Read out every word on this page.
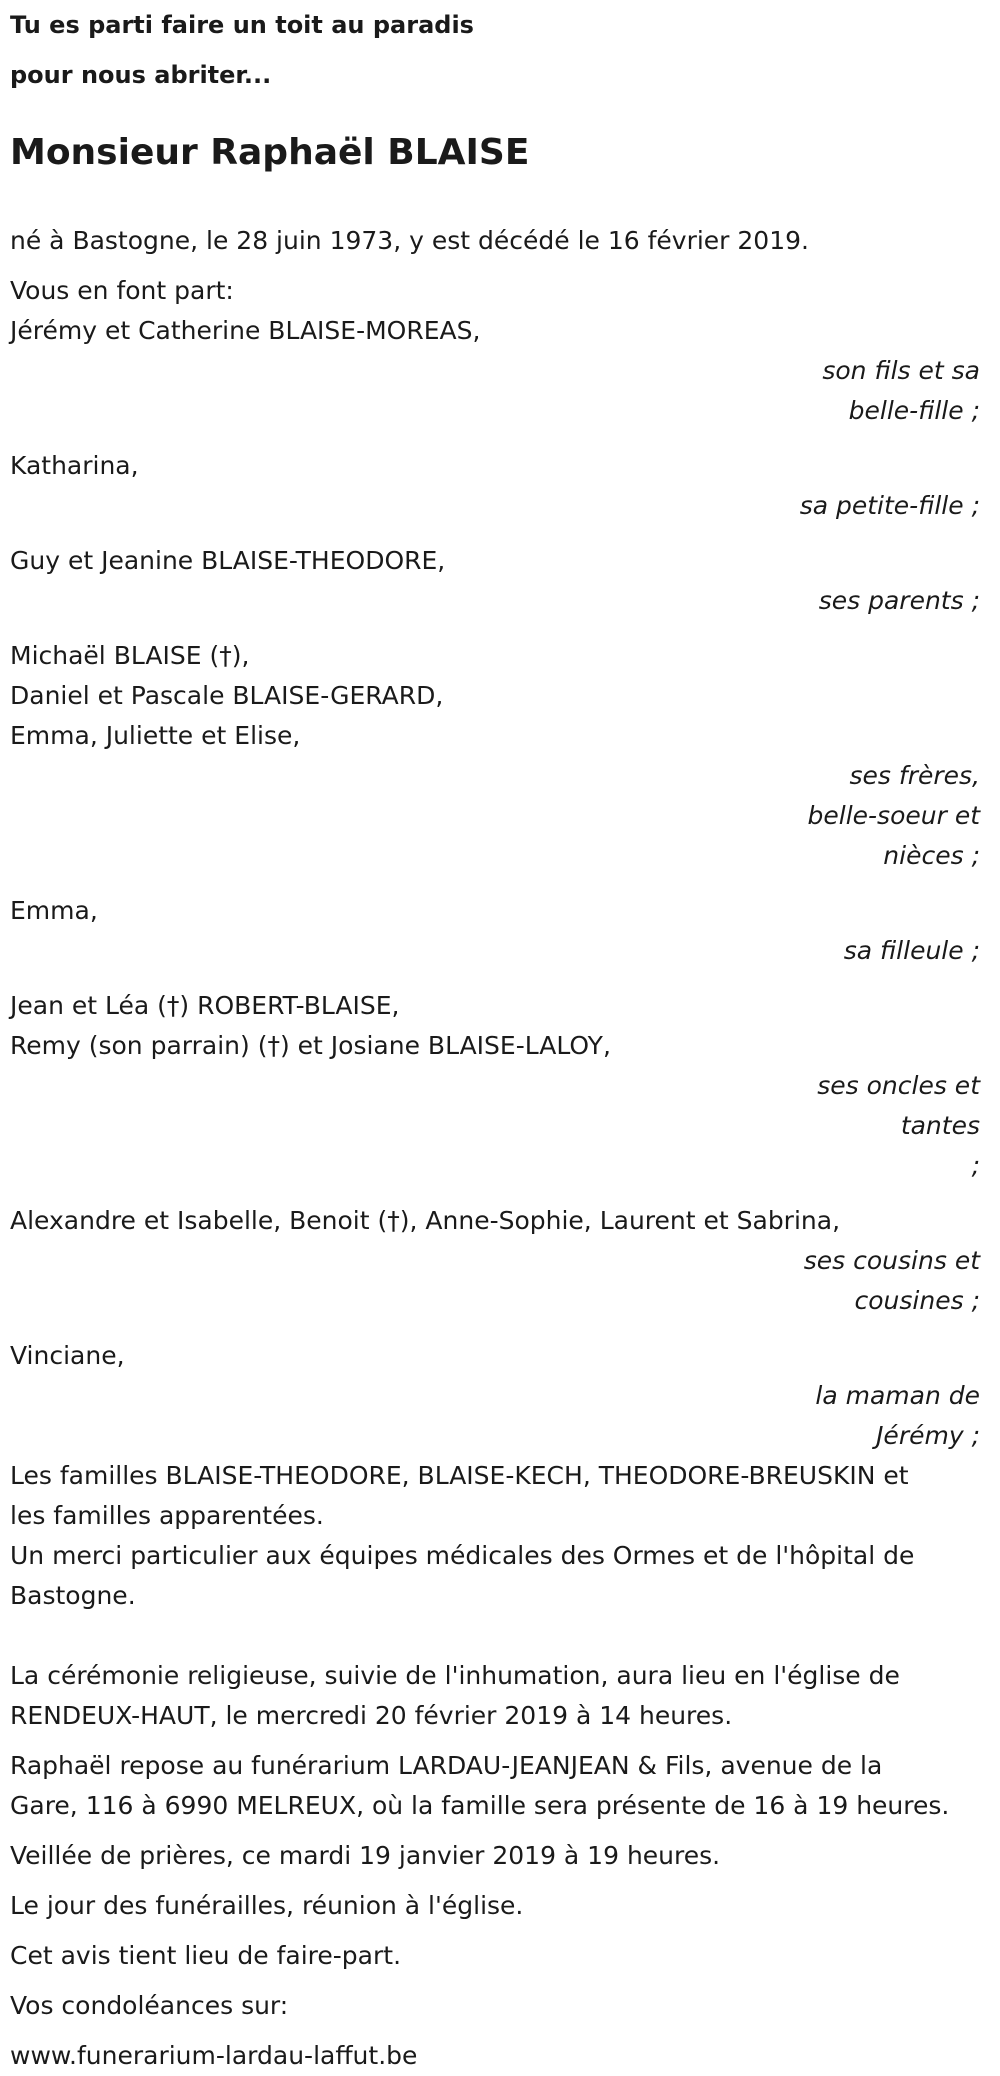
Tu es parti faire un toit au paradis
pour nous abriter...
Monsieur Raphaël BLAISE
né à Bastogne, le 28 juin 1973, y est décédé le 16 février 2019.
Vous en font part:
Jérémy et Catherine BLAISE-MOREAS,
son fils et sa
belle-fille ;
Katharina,
sa petite-fille ;
Guy et Jeanine BLAISE-THEODORE,
ses parents ;
Michaël BLAISE (†),
Daniel et Pascale BLAISE-GERARD,
Emma, Juliette et Elise,
ses frères,
belle-soeur et
nièces ;
Emma,
sa filleule ;
Jean et Léa (†) ROBERT-BLAISE,
Remy (son parrain) (†) et Josiane BLAISE-LALOY,
ses oncles et tantes
;
Alexandre et Isabelle, Benoit (†), Anne-Sophie, Laurent et Sabrina,
ses cousins et
cousines ;
Vinciane,
la maman de
Jérémy ;
Les familles BLAISE-THEODORE, BLAISE-KECH, THEODORE-BREUSKIN et
les familles apparentées.
Un merci particulier aux équipes médicales des Ormes et de l'hôpital de
Bastogne.
La cérémonie religieuse, suivie de l'inhumation, aura lieu en l'église de
RENDEUX-HAUT, le mercredi 20 février 2019 à 14 heures.
Raphaël repose au funérarium LARDAU-JEANJEAN & Fils, avenue de la
Gare, 116 à 6990 MELREUX, où la famille sera présente de 16 à 19 heures.
Veillée de prières, ce mardi 19 janvier 2019 à 19 heures.
Le jour des funérailles, réunion à l'église.
Cet avis tient lieu de faire-part.
Vos condoléances sur:
www.funerarium-lardau-laffut.be
